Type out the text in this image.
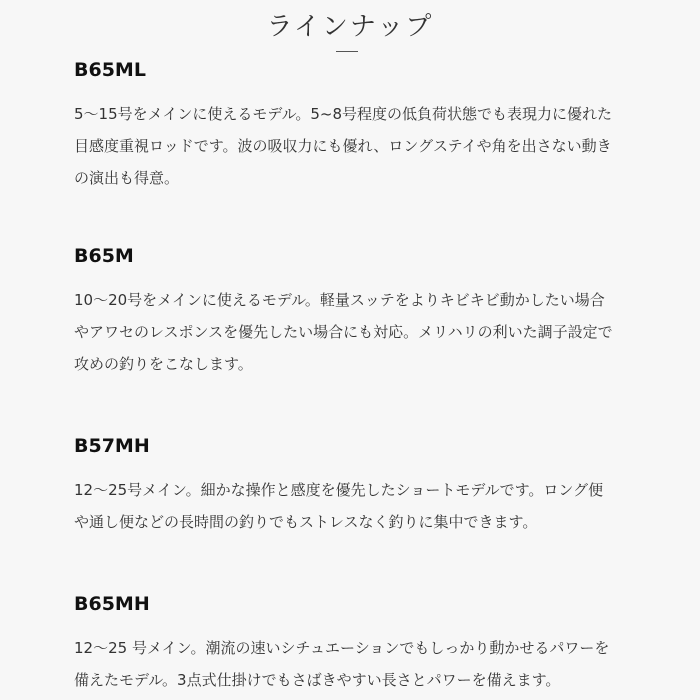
ラインナップ
B65ML
5～15号をメインに使えるモデル。5~8号程度の低負荷状態でも表現力に優れた
目感度重視ロッドです。波の吸収力にも優れ、ロングステイや角を出さない動き
の演出も得意。
B65M
10～20号をメインに使えるモデル。軽量スッテをよりキビキビ動かしたい場合
やアワセのレスポンスを優先したい場合にも対応。メリハリの利いた調子設定で
攻めの釣りをこなします。
B57MH
12～25号メイン。細かな操作と感度を優先したショートモデルです。ロング便
や通し便などの長時間の釣りでもストレスなく釣りに集中できます。
B65MH
12～25 号メイン。潮流の速いシチュエーションでもしっかり動かせるパワーを
備えたモデル。3点式仕掛けでもさばきやすい長さとパワーを備えます。
